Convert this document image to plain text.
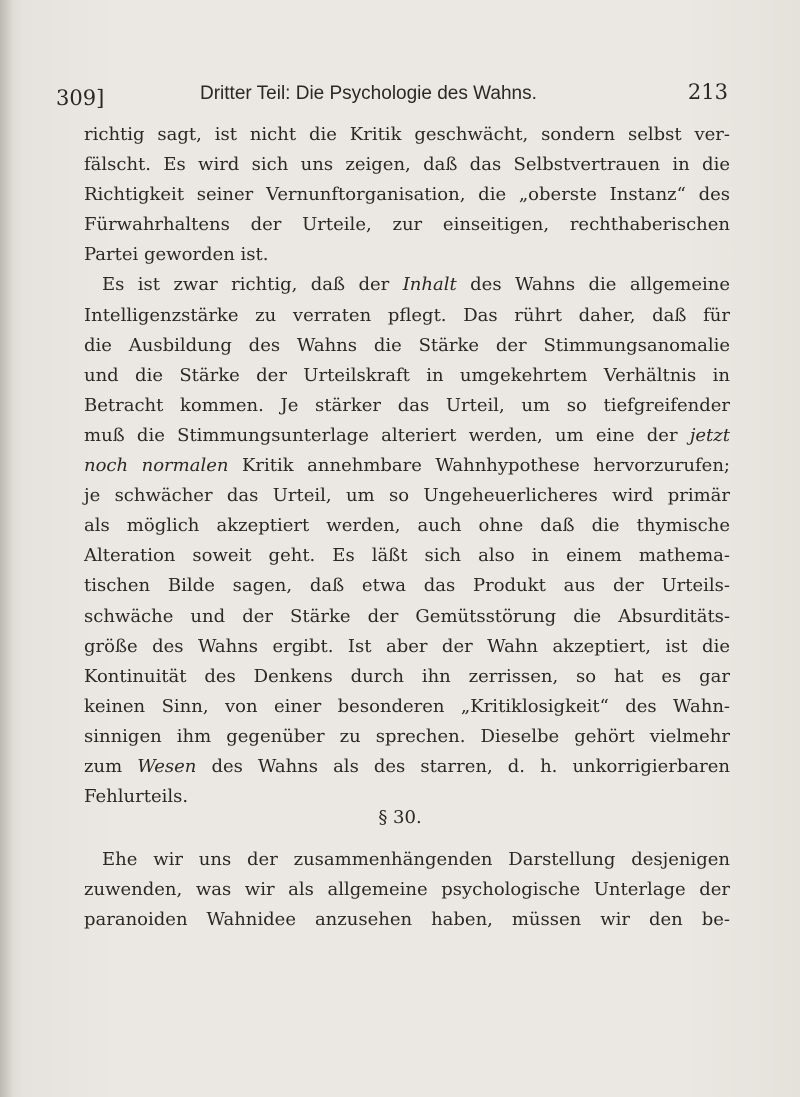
309]	Dritter Teil: Die Psychologie des Wahns.	213
richtig sagt, ist nicht die Kritik geschwächt, sondern selbst ver-
fälscht. Es wird sich uns zeigen, daß das Selbstvertrauen in die
Richtigkeit seiner Vernunftorganisation, die „oberste Instanz“ des
Fürwahrhaltens der Urteile, zur einseitigen, rechthaberischen
Partei geworden ist.
Es ist zwar richtig, daß der Inhalt des Wahns die allgemeine
Intelligenzstärke zu verraten pflegt. Das rührt daher, daß für
die Ausbildung des Wahns die Stärke der Stimmungsanomalie
und die Stärke der Urteilskraft in umgekehrtem Verhältnis in
Betracht kommen. Je stärker das Urteil, um so tiefgreifender
muß die Stimmungsunterlage alteriert werden, um eine der jetzt
noch normalen Kritik annehmbare Wahnhypothese hervorzurufen;
je schwächer das Urteil, um so Ungeheuerlicheres wird primär
als möglich akzeptiert werden, auch ohne daß die thymische
Alteration soweit geht. Es läßt sich also in einem mathema-
tischen Bilde sagen, daß etwa das Produkt aus der Urteils-
schwäche und der Stärke der Gemütsstörung die Absurditäts-
größe des Wahns ergibt. Ist aber der Wahn akzeptiert, ist die
Kontinuität des Denkens durch ihn zerrissen, so hat es gar
keinen Sinn, von einer besonderen „Kritiklosigkeit“ des Wahn-
sinnigen ihm gegenüber zu sprechen. Dieselbe gehört vielmehr
zum Wesen des Wahns als des starren, d. h. unkorrigierbaren
Fehlurteils.
§ 30.
Ehe wir uns der zusammenhängenden Darstellung desjenigen
zuwenden, was wir als allgemeine psychologische Unterlage der
paranoiden Wahnidee anzusehen haben, müssen wir den be-
